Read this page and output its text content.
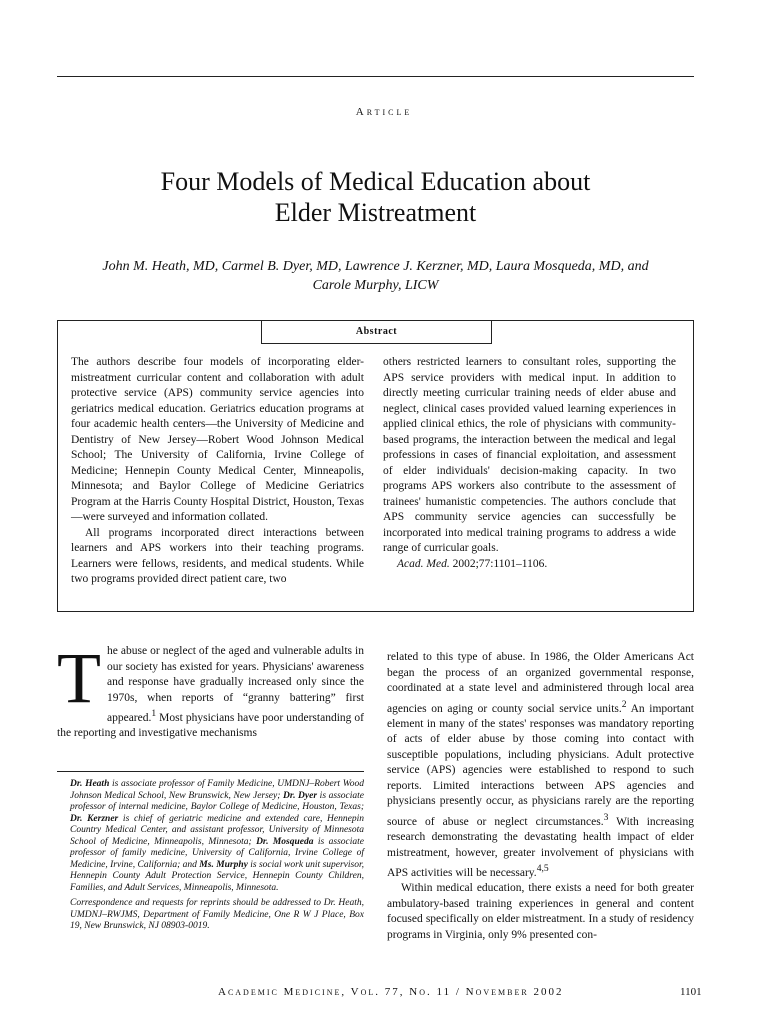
Article
Four Models of Medical Education about
Elder Mistreatment
John M. Heath, MD, Carmel B. Dyer, MD, Lawrence J. Kerzner, MD, Laura Mosqueda, MD, and
Carole Murphy, LICW
Abstract

The authors describe four models of incorporating elder-mistreatment curricular content and collaboration with adult protective service (APS) community service agencies into geriatrics medical education. Geriatrics education programs at four academic health centers—the University of Medicine and Dentistry of New Jersey—Robert Wood Johnson Medical School; The University of California, Irvine College of Medicine; Hennepin County Medical Center, Minneapolis, Minnesota; and Baylor College of Medicine Geriatrics Program at the Harris County Hospital District, Houston, Texas—were surveyed and information collated.

All programs incorporated direct interactions between learners and APS workers into their teaching programs. Learners were fellows, residents, and medical students. While two programs provided direct patient care, two

others restricted learners to consultant roles, supporting the APS service providers with medical input. In addition to directly meeting curricular training needs of elder abuse and neglect, clinical cases provided valued learning experiences in applied clinical ethics, the role of physicians with community-based programs, the interaction between the medical and legal professions in cases of financial exploitation, and assessment of elder individuals' decision-making capacity. In two programs APS workers also contribute to the assessment of trainees' humanistic competencies. The authors conclude that APS community service agencies can successfully be incorporated into medical training programs to address a wide range of curricular goals.

Acad. Med. 2002;77:1101–1106.

The abuse or neglect of the aged and vulnerable adults in our society has existed for years. Physicians' awareness and response have gradually increased only since the 1970s, when reports of “granny battering” first appeared.$^1$ Most physicians have poor understanding of the reporting and investigative mechanisms

Dr. Heath is associate professor of Family Medicine, UMDNJ–Robert Wood Johnson Medical School, New Brunswick, New Jersey; Dr. Dyer is associate professor of internal medicine, Baylor College of Medicine, Houston, Texas; Dr. Kerzner is chief of geriatric medicine and extended care, Hennepin Country Medical Center, and assistant professor, University of Minnesota School of Medicine, Minneapolis, Minnesota; Dr. Mosqueda is associate professor of family medicine, University of California, Irvine College of Medicine, Irvine, California; and Ms. Murphy is social work unit supervisor, Hennepin County Adult Protection Service, Hennepin County Children, Families, and Adult Services, Minneapolis, Minnesota.

Correspondence and requests for reprints should be addressed to Dr. Heath, UMDNJ–RWJMS, Department of Family Medicine, One R W J Place, Box 19, New Brunswick, NJ 08903-0019.

related to this type of abuse. In 1986, the Older Americans Act began the process of an organized governmental response, coordinated at a state level and administered through local area agencies on aging or county social service units.$^2$ An important element in many of the states' responses was mandatory reporting of acts of elder abuse by those coming into contact with susceptible populations, including physicians. Adult protective service (APS) agencies were established to respond to such reports. Limited interactions between APS agencies and physicians presently occur, as physicians rarely are the reporting source of abuse or neglect circumstances.$^3$ With increasing research demonstrating the devastating health impact of elder mistreatment, however, greater involvement of physicians with APS activities will be necessary.$^{4,5}$

Within medical education, there exists a need for both greater ambulatory-based training experiences in general and content focused specifically on elder mistreatment. In a study of residency programs in Virginia, only 9% presented con-

Academic Medicine, Vol. 77, No. 11 / November 2002	1101
